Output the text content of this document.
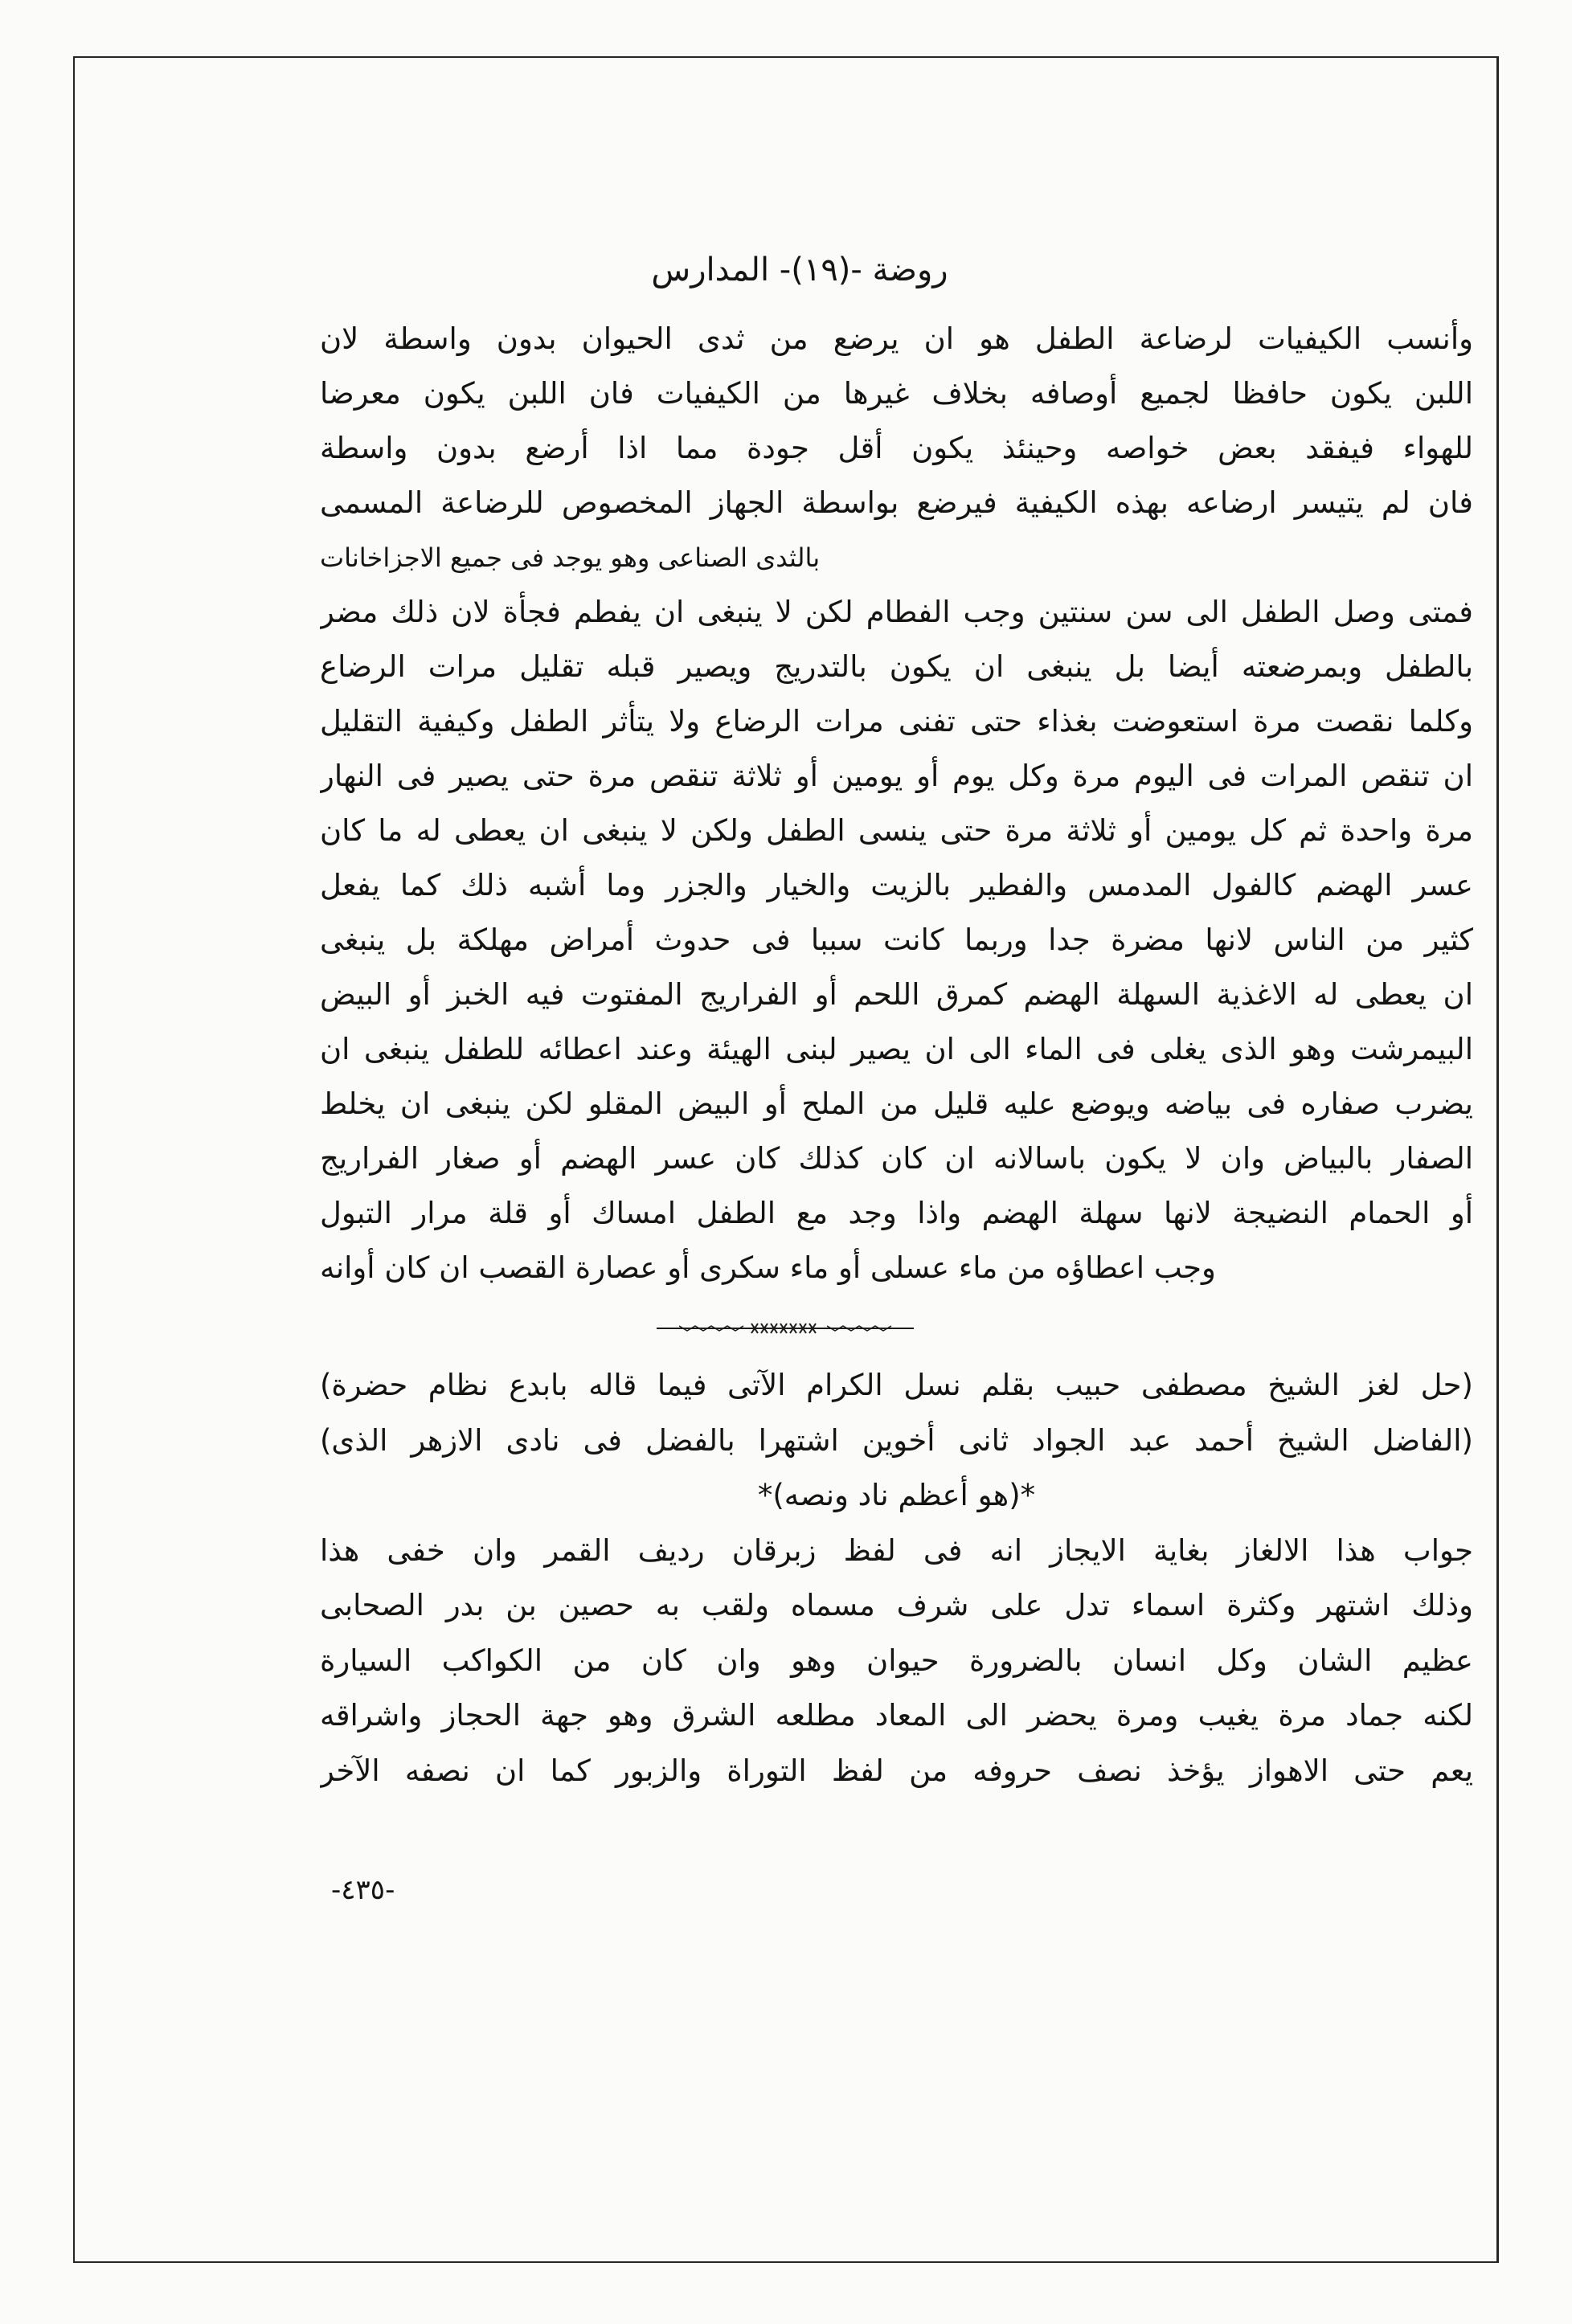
روضة -(١٩)- المدارس
وأنسب الكيفيات لرضاعة الطفل هو ان يرضع من ثدى الحيوان بدون واسطة لان
اللبن يكون حافظا لجميع أوصافه بخلاف غيرها من الكيفيات فان اللبن يكون معرضا
للهواء فيفقد بعض خواصه وحينئذ يكون أقل جودة مما اذا أرضع بدون واسطة
فان لم يتيسر ارضاعه بهذه الكيفية فيرضع بواسطة الجهاز المخصوص للرضاعة المسمى
بالثدى الصناعى وهو يوجد فى جميع الاجزاخانات
فمتى وصل الطفل الى سن سنتين وجب الفطام لكن لا ينبغى ان يفطم فجأة لان ذلك مضر
بالطفل وبمرضعته أيضا بل ينبغى ان يكون بالتدريج ويصير قبله تقليل مرات الرضاع
وكلما نقصت مرة استعوضت بغذاء حتى تفنى مرات الرضاع ولا يتأثر الطفل وكيفية التقليل
ان تنقص المرات فى اليوم مرة وكل يوم أو يومين أو ثلاثة تنقص مرة حتى يصير فى النهار
مرة واحدة ثم كل يومين أو ثلاثة مرة حتى ينسى الطفل ولكن لا ينبغى ان يعطى له ما كان
عسر الهضم كالفول المدمس والفطير بالزيت والخيار والجزر وما أشبه ذلك كما يفعل
كثير من الناس لانها مضرة جدا وربما كانت سببا فى حدوث أمراض مهلكة بل ينبغى
ان يعطى له الاغذية السهلة الهضم كمرق اللحم أو الفراريج المفتوت فيه الخبز أو البيض
البيمرشت وهو الذى يغلى فى الماء الى ان يصير لبنى الهيئة وعند اعطائه للطفل ينبغى ان
يضرب صفاره فى بياضه ويوضع عليه قليل من الملح أو البيض المقلو لكن ينبغى ان يخلط
الصفار بالبياض وان لا يكون باسالانه ان كان كذلك كان عسر الهضم أو صغار الفراريج
أو الحمام النضيجة لانها سهلة الهضم واذا وجد مع الطفل امساك أو قلة مرار التبول
وجب اعطاؤه من ماء عسلى أو ماء سكرى أو عصارة القصب ان كان أوانه
(حل لغز الشيخ مصطفى حبيب بقلم نسل الكرام الآتى فيما قاله بابدع نظام حضرة)
(الفاضل الشيخ أحمد عبد الجواد ثانى أخوين اشتهرا بالفضل فى نادى الازهر الذى)
*(هو أعظم ناد ونصه)*
جواب هذا الالغاز بغاية الايجاز انه فى لفظ زبرقان رديف القمر وان خفى هذا
وذلك اشتهر وكثرة اسماء تدل على شرف مسماه ولقب به حصين بن بدر الصحابى
عظيم الشان وكل انسان بالضرورة حيوان وهو وان كان من الكواكب السيارة
لكنه جماد مرة يغيب ومرة يحضر الى المعاد مطلعه الشرق وهو جهة الحجاز واشراقه
يعم حتى الاهواز يؤخذ نصف حروفه من لفظ التوراة والزبور كما ان نصفه الآخر
-٤٣٥-
